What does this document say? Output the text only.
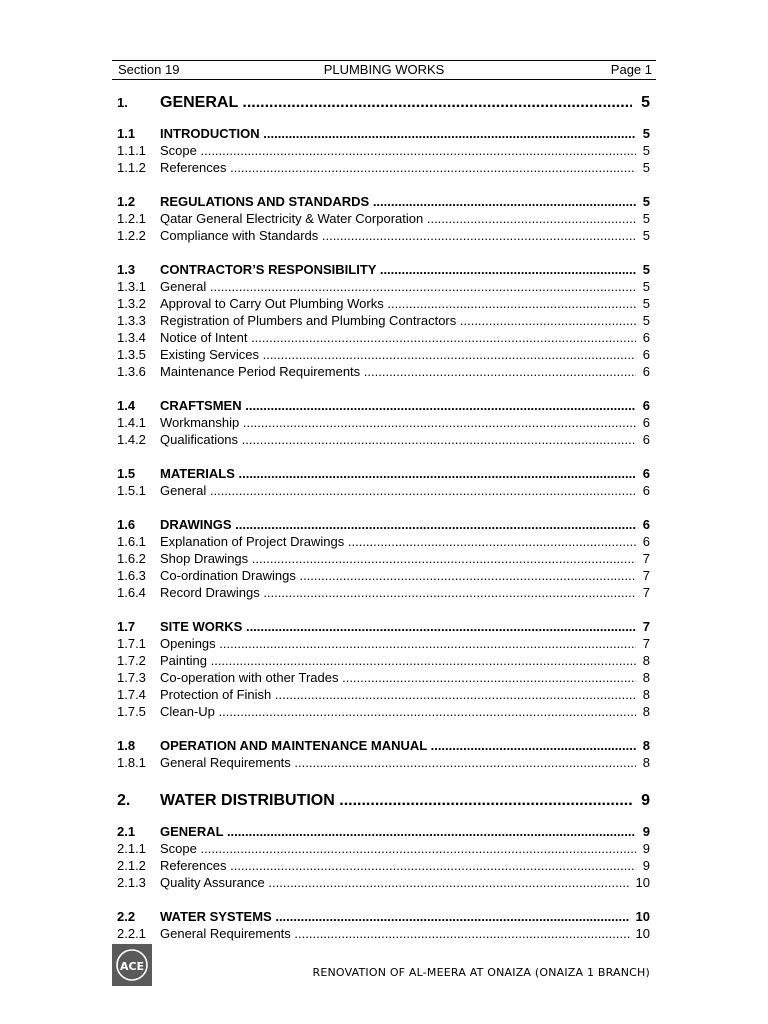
Section 19	PLUMBING WORKS	Page 1
1. GENERAL .....	5
1.1 INTRODUCTION .....	5
1.1.1 Scope .....	5
1.1.2 References .....	5
1.2 REGULATIONS AND STANDARDS .....	5
1.2.1 Qatar General Electricity & Water Corporation .....	5
1.2.2 Compliance with Standards .....	5
1.3 CONTRACTOR’S RESPONSIBILITY .....	5
1.3.1 General .....	5
1.3.2 Approval to Carry Out Plumbing Works .....	5
1.3.3 Registration of Plumbers and Plumbing Contractors .....	5
1.3.4 Notice of Intent .....	6
1.3.5 Existing Services .....	6
1.3.6 Maintenance Period Requirements .....	6
1.4 CRAFTSMEN .....	6
1.4.1 Workmanship .....	6
1.4.2 Qualifications .....	6
1.5 MATERIALS .....	6
1.5.1 General .....	6
1.6 DRAWINGS .....	6
1.6.1 Explanation of Project Drawings .....	6
1.6.2 Shop Drawings .....	7
1.6.3 Co-ordination Drawings .....	7
1.6.4 Record Drawings .....	7
1.7 SITE WORKS .....	7
1.7.1 Openings .....	7
1.7.2 Painting .....	8
1.7.3 Co-operation with other Trades .....	8
1.7.4 Protection of Finish .....	8
1.7.5 Clean-Up .....	8
1.8 OPERATION AND MAINTENANCE MANUAL .....	8
1.8.1 General Requirements .....	8
2. WATER DISTRIBUTION .....	9
2.1 GENERAL .....	9
2.1.1 Scope .....	9
2.1.2 References .....	9
2.1.3 Quality Assurance .....	10
2.2 WATER SYSTEMS .....	10
2.2.1 General Requirements .....	10
ACE	RENOVATION OF AL-MEERA AT ONAIZA (ONAIZA 1 BRANCH)
